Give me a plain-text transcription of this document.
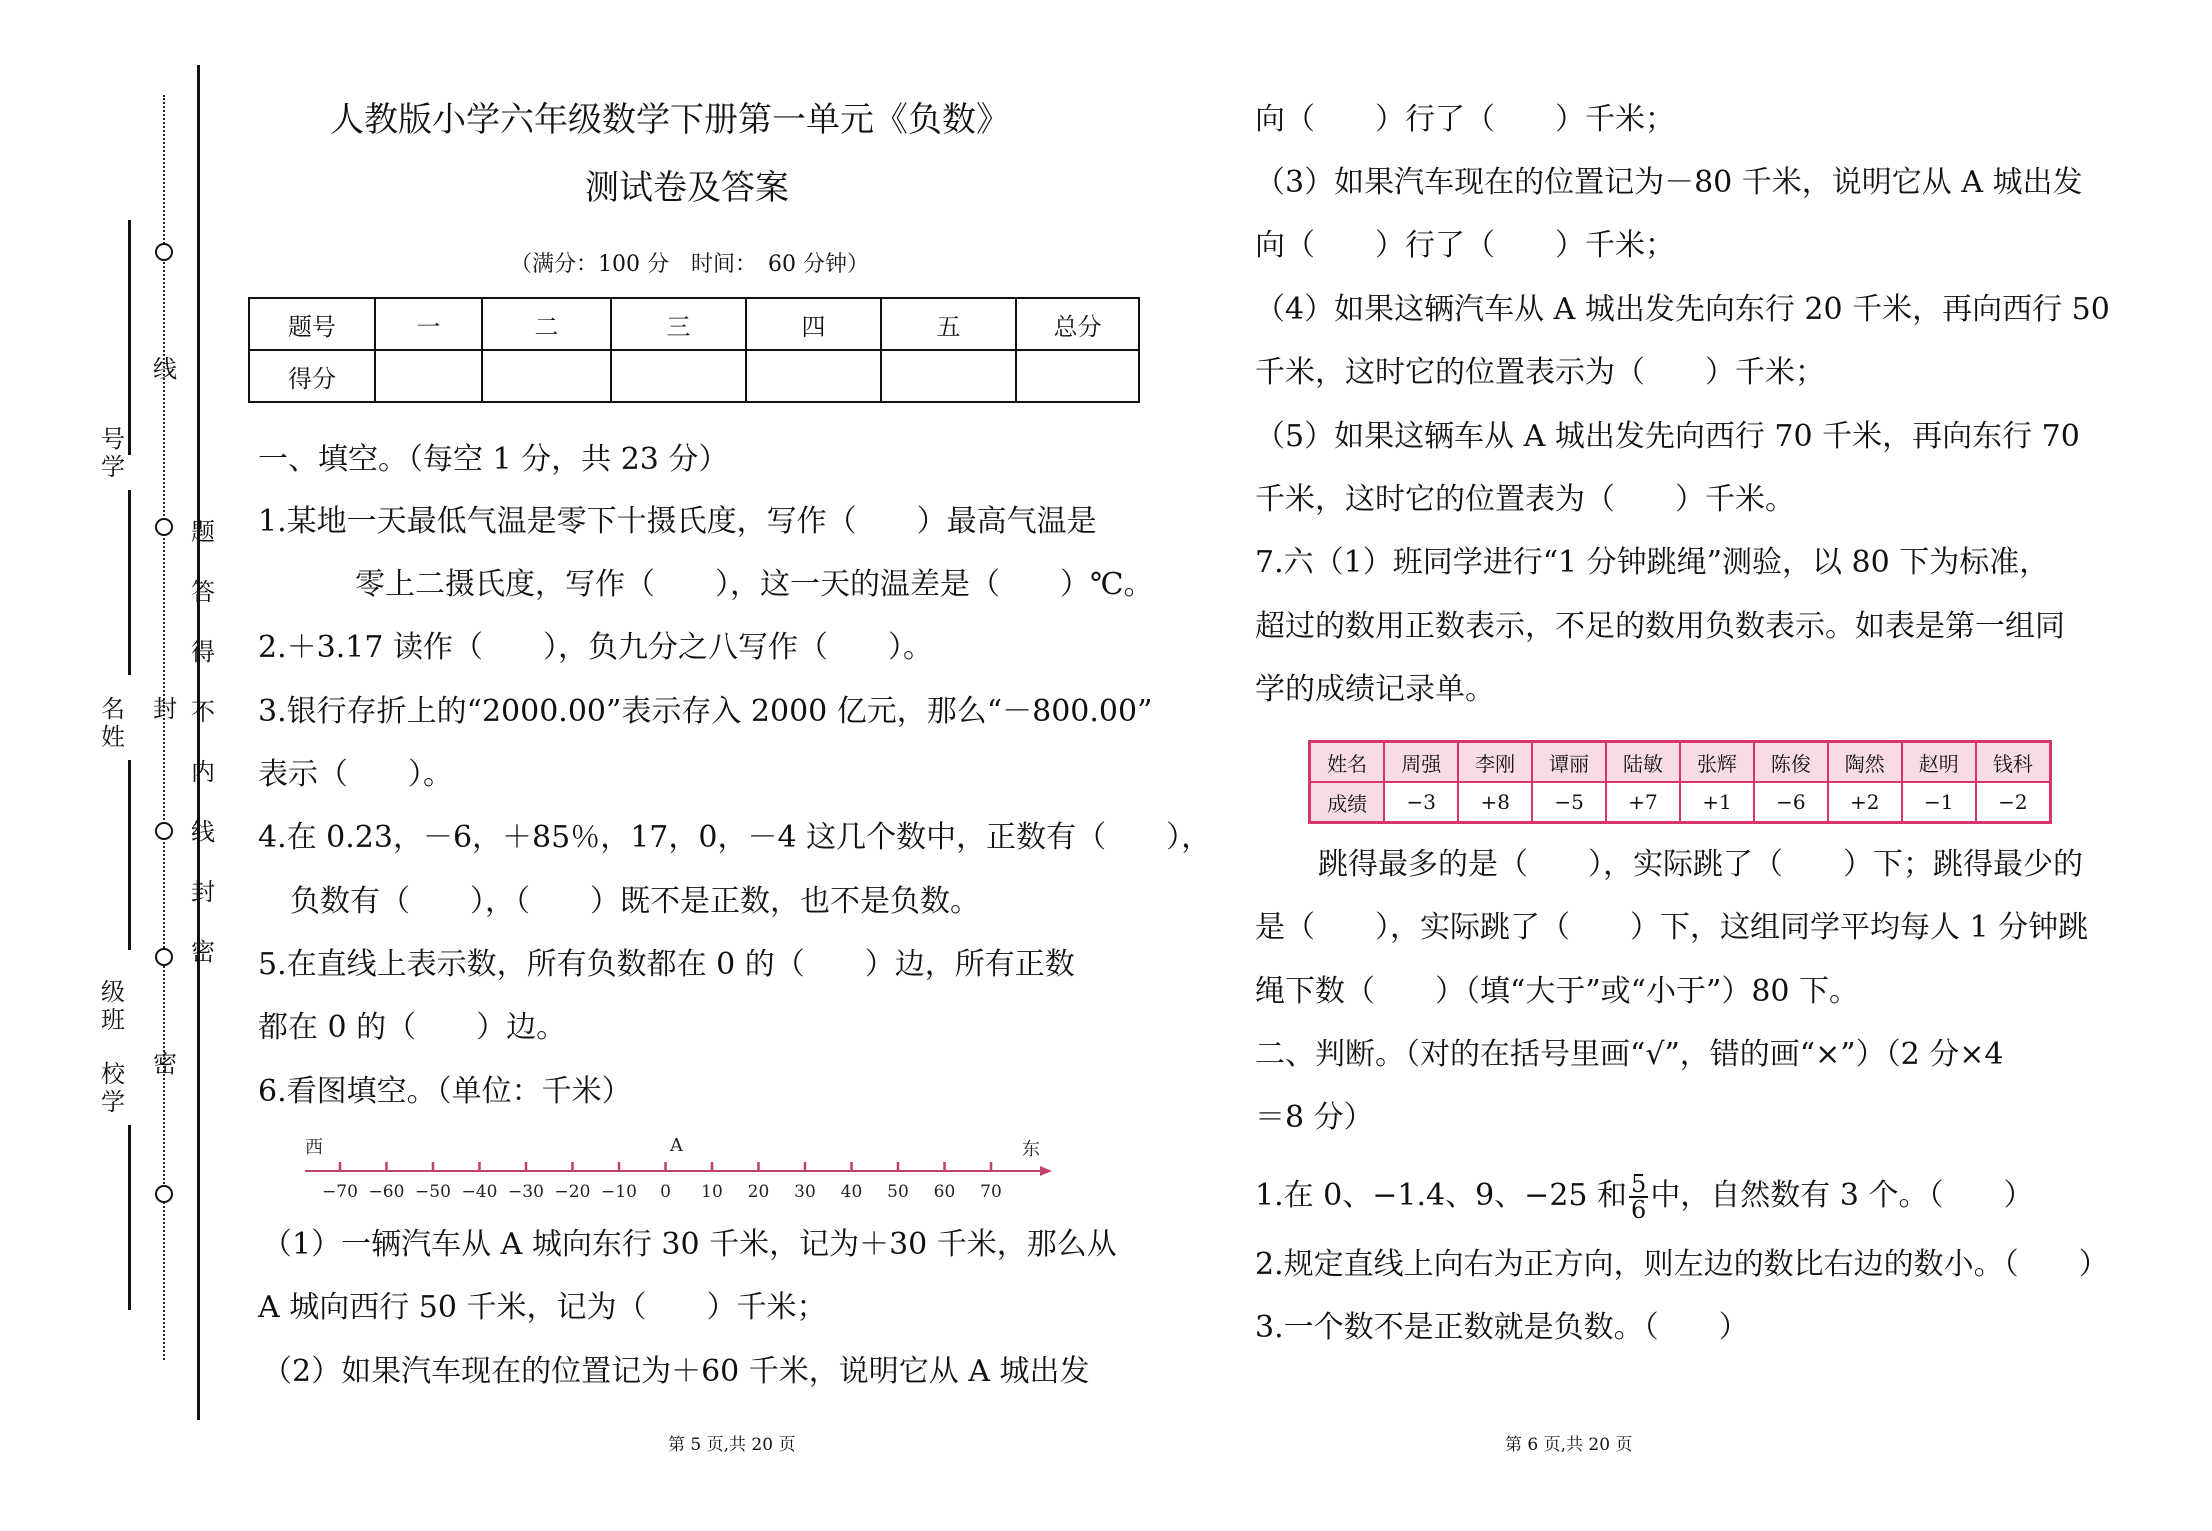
号学
名姓
级班
校学
线
封
密
题
答
得
不
内
线
封
密
人教版小学六年级数学下册第一单元《负数》
测试卷及答案
（满分：100 分　时间：　60 分钟）
题号	一	二	三	四	五	总分
得分						
一、填空。（每空 1 分，共 23 分）
1.某地一天最低气温是零下十摄氏度，写作（　　）最高气温是
零上二摄氏度，写作（　　），这一天的温差是（　　）℃。
2.＋3.17 读作（　　），负九分之八写作（　　）。
3.银行存折上的“2000.00”表示存入 2000 亿元，那么“－800.00”
表示（　　）。
4.在 0.23，－6，＋85％，17，0，－4 这几个数中，正数有（　　），
负数有（　　），（　　）既不是正数，也不是负数。
5.在直线上表示数，所有负数都在 0 的（　　）边，所有正数
都在 0 的（　　）边。
6.看图填空。（单位：千米）
西	东
A
−70 −60 −50 −40 −30 −20 −10 0 10 20 30 40 50 60 70
（1）一辆汽车从 A 城向东行 30 千米，记为＋30 千米，那么从
A 城向西行 50 千米，记为（　　）千米；
（2）如果汽车现在的位置记为＋60 千米，说明它从 A 城出发
第 5 页,共 20 页
向（　　）行了（　　）千米；
（3）如果汽车现在的位置记为－80 千米，说明它从 A 城出发
向（　　）行了（　　）千米；
（4）如果这辆汽车从 A 城出发先向东行 20 千米，再向西行 50
千米，这时它的位置表示为（　　）千米；
（5）如果这辆车从 A 城出发先向西行 70 千米，再向东行 70
千米，这时它的位置表为（　　）千米。
7.六（1）班同学进行“1 分钟跳绳”测验，以 80 下为标准，
超过的数用正数表示，不足的数用负数表示。如表是第一组同
学的成绩记录单。
姓名	周强	李刚	谭丽	陆敏	张辉	陈俊	陶然	赵明	钱科
成绩	−3	+8	−5	+7	+1	−6	+2	−1	−2
跳得最多的是（　　），实际跳了（　　）下；跳得最少的
是（　　），实际跳了（　　）下，这组同学平均每人 1 分钟跳
绳下数（　　）（填“大于”或“小于”）80 下。
二、判断。（对的在括号里画“√”，错的画“×”）（2 分×4
＝8 分）
1.在 0、−1.4、9、−25 和 $\frac{5}{6}$ 中，自然数有 3 个。（　　）
2.规定直线上向右为正方向，则左边的数比右边的数小。（　　）
3.一个数不是正数就是负数。（　　）
第 6 页,共 20 页
